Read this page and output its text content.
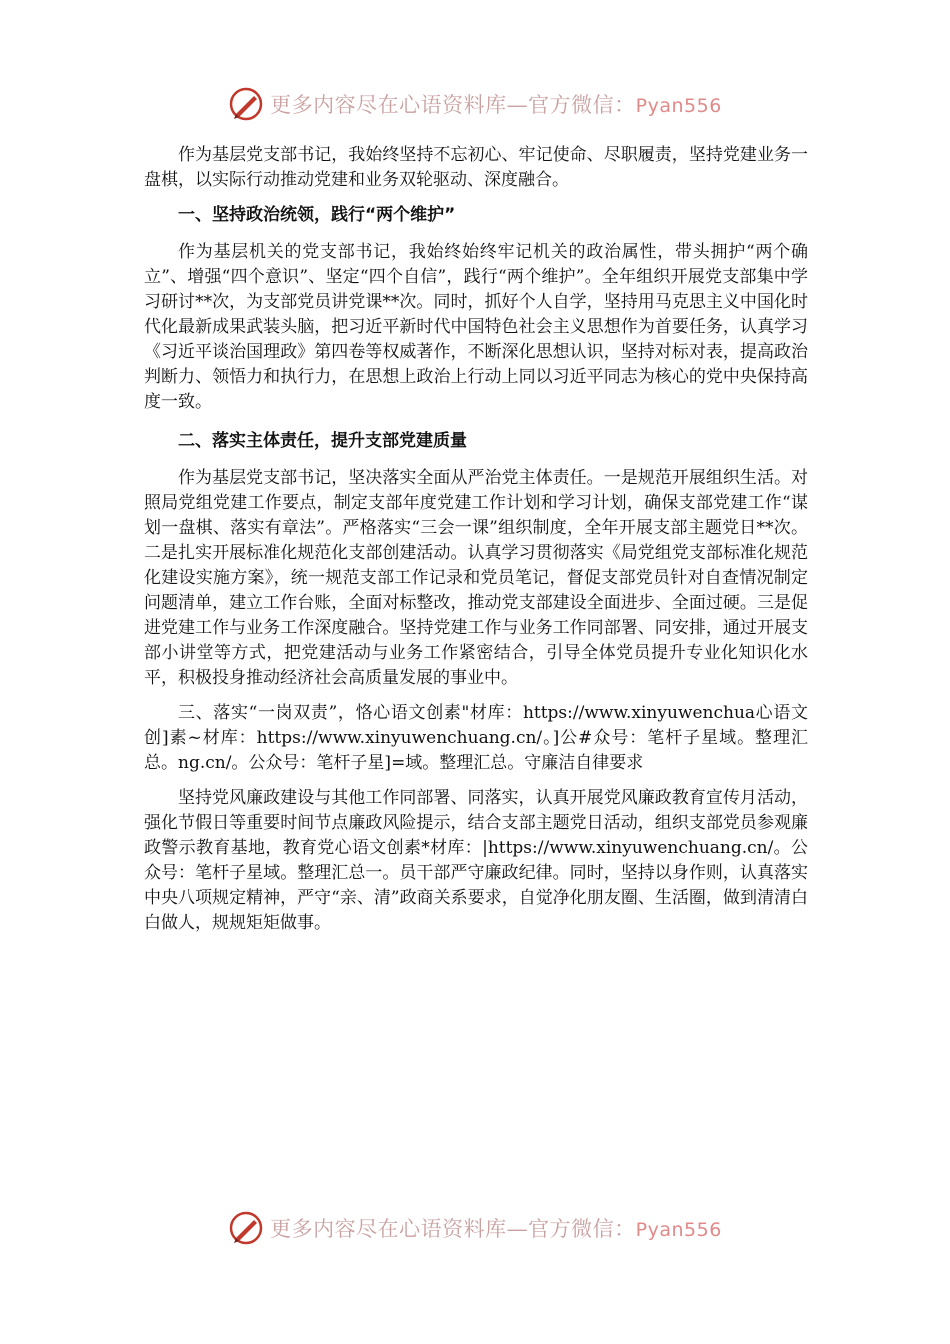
更多内容尽在心语资料库—官方微信：Pyan556

作为基层党支部书记，我始终坚持不忘初心、牢记使命、尽职履责，坚持党建业务一盘棋，以实际行动推动党建和业务双轮驱动、深度融合。

一、坚持政治统领，践行“两个维护”

作为基层机关的党支部书记，我始终始终牢记机关的政治属性，带头拥护“两个确立”、增强“四个意识”、坚定“四个自信”，践行“两个维护”。全年组织开展党支部集中学习研讨**次，为支部党员讲党课**次。同时，抓好个人自学，坚持用马克思主义中国化时代化最新成果武装头脑，把习近平新时代中国特色社会主义思想作为首要任务，认真学习《习近平谈治国理政》第四卷等权威著作，不断深化思想认识，坚持对标对表，提高政治判断力、领悟力和执行力，在思想上政治上行动上同以习近平同志为核心的党中央保持高度一致。

二、落实主体责任，提升支部党建质量

作为基层党支部书记，坚决落实全面从严治党主体责任。一是规范开展组织生活。对照局党组党建工作要点，制定支部年度党建工作计划和学习计划，确保支部党建工作“谋划一盘棋、落实有章法”。严格落实“三会一课”组织制度，全年开展支部主题党日**次。二是扎实开展标准化规范化支部创建活动。认真学习贯彻落实《局党组党支部标准化规范化建设实施方案》，统一规范支部工作记录和党员笔记，督促支部党员针对自查情况制定问题清单，建立工作台账，全面对标整改，推动党支部建设全面进步、全面过硬。三是促进党建工作与业务工作深度融合。坚持党建工作与业务工作同部署、同安排，通过开展支部小讲堂等方式，把党建活动与业务工作紧密结合，引导全体党员提升专业化知识化水平，积极投身推动经济社会高质量发展的事业中。

三、落实“一岗双责”，恪心语文创素"材库：https://www.xinyuwenchua心语文创]素~材库：https://www.xinyuwenchuang.cn/。]公#众号：笔杆子星域。整理汇总。ng.cn/。公众号：笔杆子星]=域。整理汇总。守廉洁自律要求

坚持党风廉政建设与其他工作同部署、同落实，认真开展党风廉政教育宣传月活动，强化节假日等重要时间节点廉政风险提示，结合支部主题党日活动，组织支部党员参观廉政警示教育基地，教育党心语文创素*材库：|https://www.xinyuwenchuang.cn/。公众号：笔杆子星域。整理汇总一。员干部严守廉政纪律。同时，坚持以身作则，认真落实中央八项规定精神，严守“亲、清”政商关系要求，自觉净化朋友圈、生活圈，做到清清白白做人，规规矩矩做事。

更多内容尽在心语资料库—官方微信：Pyan556
